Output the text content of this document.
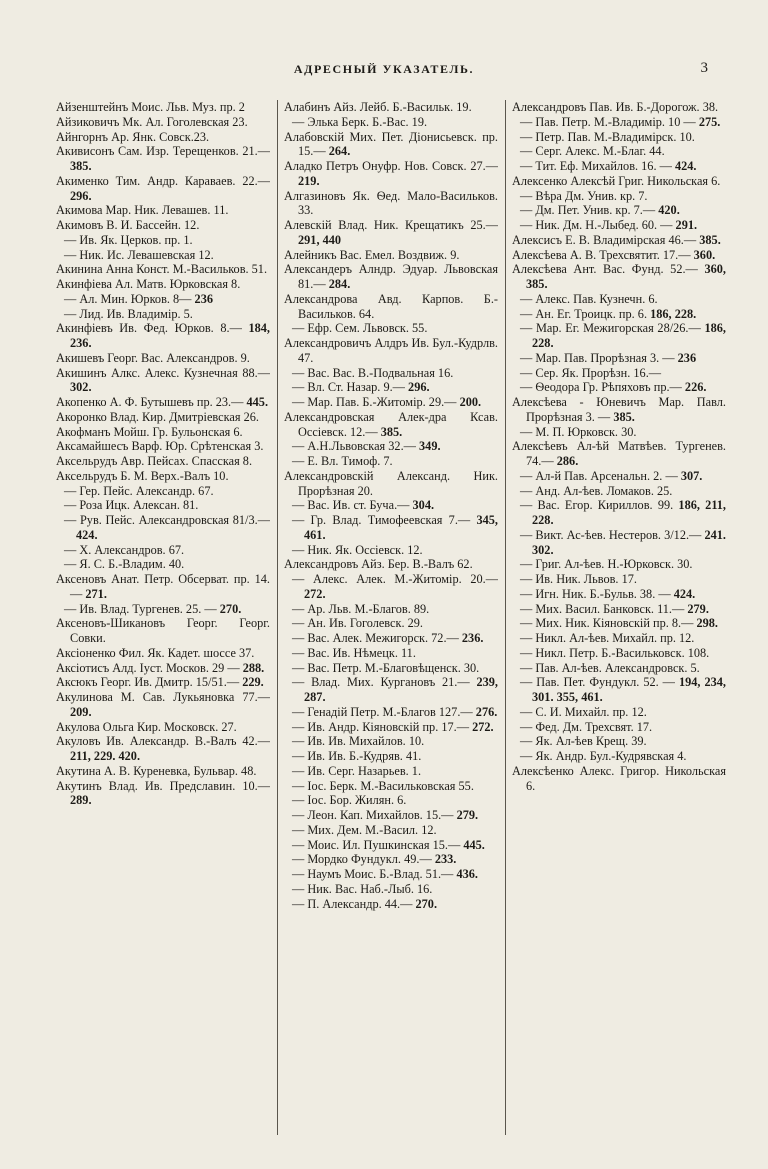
АДРЕСНЫЙ УКАЗАТЕЛЬ.	3
Айзенштейнъ Моис. Льв. Муз. пр. 2
Айзиковичъ Мк. Ал. Гоголевская 23.
Айнгорнъ Ар. Янк. Совск.23.
Акивисонъ Сам. Изр. Терещенков. 21.— 385.
Акименко Тим. Андр. Караваев. 22.— 296.
Акимова Мар. Ник. Левашев. 11.
Акимовъ В. И. Бассейн. 12.
— Ив. Як. Церков. пр. 1.
— Ник. Ис. Левашевская 12.
Акинина Анна Конст. М.-Васильков. 51.
Акинфіева Ал. Матв. Юрковская 8.
— Ал. Мин. Юрков. 8— 236
— Лид. Ив. Владимір. 5.
Акинфіевъ Ив. Фед. Юрков. 8.— 184, 236.
Акишевъ Георг. Вас. Александров. 9.
Акишинъ Алкс. Алекс. Кузнечная 88.— 302.
Акопенко А. Ф. Бутышевъ пр. 23.— 445.
Акоронко Влад. Кир. Дмитріевская 26.
Акофманъ Мойш. Гр. Бульонская 6.
Аксамайшесъ Варф. Юр. Срѣтенская 3.
Аксельрудъ Авр. Пейсах. Спасская 8.
Аксельрудъ Б. М. Верх.-Валъ 10.
— Гер. Пейс. Александр. 67.
— Роза Ицк. Алексан. 81.
— Рув. Пейс. Александровская 81/3.— 424.
— Х. Александров. 67.
— Я. С. Б.-Владим. 40.
Аксеновъ Анат. Петр. Обсерват. пр. 14.— 271.
— Ив. Влад. Тургенев. 25. — 270.
Аксеновъ-Шикановъ Георг. Георг. Совки.
Аксіоненко Фил. Як. Кадет. шоссе 37.
Аксіотисъ Алд. Іуст. Москов. 29 — 288.
Аксюкъ Георг. Ив. Дмитр. 15/51.— 229.
Акулинова М. Сав. Лукьяновка 77.— 209.
Акулова Ольга Кир. Московск. 27.
Акуловъ Ив. Александр. В.-Валъ 42.— 211, 229. 420.
Акутина А. В. Куреневка, Бульвар. 48.
Акутинъ Влад. Ив. Предславин. 10.— 289.
Алабинъ Айз. Лейб. Б.-Васильк. 19.
— Элька Берк. Б.-Вас. 19.
Алабовскій Мих. Пет. Діонисьевск. пр. 15.— 264.
Аладко Петръ Онуфр. Нов. Совск. 27.— 219.
Алгазиновъ Як. Ѳед. Мало-Васильков. 33.
Алевскій Влад. Ник. Крещатикъ 25.— 291, 440
Алейникъ Вас. Емел. Воздвиж. 9.
Александеръ Алндр. Эдуар. Львовская 81.— 284.
Александрова Авд. Карпов. Б.-Васильков. 64.
— Ефр. Сем. Львовск. 55.
Александровичъ Алдръ Ив. Бул.-Кудрлв. 47.
— Вас. Вас. В.-Подвальная 16.
— Вл. Ст. Назар. 9.— 296.
— Мар. Пав. Б.-Житомір. 29.— 200.
Александровская Алек-дра Ксав. Оссіевск. 12.— 385.
— А.Н.Львовская 32.— 349.
— Е. Вл. Тимоф. 7.
Александровскій Александ. Ник. Прорѣзная 20.
— Вас. Ив. ст. Буча.— 304.
— Гр. Влад. Тимофеевская 7.— 345, 461.
— Ник. Як. Оссіевск. 12.
Александровъ Айз. Бер. В.-Валъ 62.
— Алекс. Алек. М.-Житомір. 20.— 272.
— Ар. Льв. М.-Благов. 89.
— Ан. Ив. Гоголевск. 29.
— Вас. Алек. Межигорск. 72.— 236.
— Вас. Ив. Нѣмецк. 11.
— Вас. Петр. М.-Благовѣщенск. 30.
— Влад. Мих. Кургановъ 21.— 239, 287.
— Генадій Петр. М.-Благов 127.— 276.
— Ив. Андр. Кіяновскій пр. 17.— 272.
— Ив. Ив. Михайлов. 10.
— Ив. Ив. Б.-Кудряв. 41.
— Ив. Серг. Назарьев. 1.
— Іос. Берк. М.-Васильковская 55.
— Іос. Бор. Жилян. 6.
— Леон. Кап. Михайлов. 15.— 279.
— Мих. Дем. М.-Васил. 12.
— Моис. Ил. Пушкинская 15.— 445.
— Мордко Фундукл. 49.— 233.
— Наумъ Моис. Б.-Влад. 51.— 436.
— Ник. Вас. Наб.-Лыб. 16.
— П. Александр. 44.— 270.
Александровъ Пав. Ив. Б.-Дорогож. 38.
— Пав. Петр. М.-Владимір. 10 — 275.
— Петр. Пав. М.-Владимірск. 10.
— Серг. Алекс. М.-Благ. 44.
— Тит. Еф. Михайлов. 16. — 424.
Алексенко Алексѣй Григ. Никольская 6.
— Вѣра Дм. Унив. кр. 7.
— Дм. Пет. Унив. кр. 7.— 420.
— Ник. Дм. Н.-Лыбед. 60. — 291.
Алексисъ Е. В. Владимірская 46.— 385.
Алексѣева А. В. Трехсвятит. 17.— 360.
Алексѣева Ант. Вас. Фунд. 52.— 360, 385.
— Алекс. Пав. Кузнечн. 6.
— Ан. Ег. Троицк. пр. 6. 186, 228.
— Мар. Ег. Межигорская 28/26.— 186, 228.
— Мар. Пав. Прорѣзная 3. — 236
— Сер. Як. Прорѣзн. 16.—
— Ѳеодора Гр. Рѣпяховъ пр.— 226.
Алексѣева - Юневичъ Мар. Павл. Прорѣзная 3. — 385.
— М. П. Юрковск. 30.
Алексѣевъ Ал-ѣй Матвѣев. Тургенев. 74.— 286.
— Ал-й Пав. Арсенальн. 2. — 307.
— Анд. Ал-ѣев. Ломаков. 25.
— Вас. Егор. Кириллов. 99. 186, 211, 228.
— Викт. Ас-ѣев. Нестеров. 3/12.— 241. 302.
— Григ. Ал-ѣев. Н.-Юрковск. 30.
— Ив. Ник. Львов. 17.
— Игн. Ник. Б.-Бульв. 38. — 424.
— Мих. Васил. Банковск. 11.— 279.
— Мих. Ник. Кіяновскій пр. 8.— 298.
— Никл. Ал-ѣев. Михайл. пр. 12.
— Никл. Петр. Б.-Васильковск. 108.
— Пав. Ал-ѣев. Александровск. 5.
— Пав. Пет. Фундукл. 52. — 194, 234, 301. 355, 461.
— С. И. Михайл. пр. 12.
— Фед. Дм. Трехсвят. 17.
— Як. Ал-ѣев Крещ. 39.
— Як. Андр. Бул.-Кудрявская 4.
Алексѣенко Алекс. Григор. Никольская 6.
